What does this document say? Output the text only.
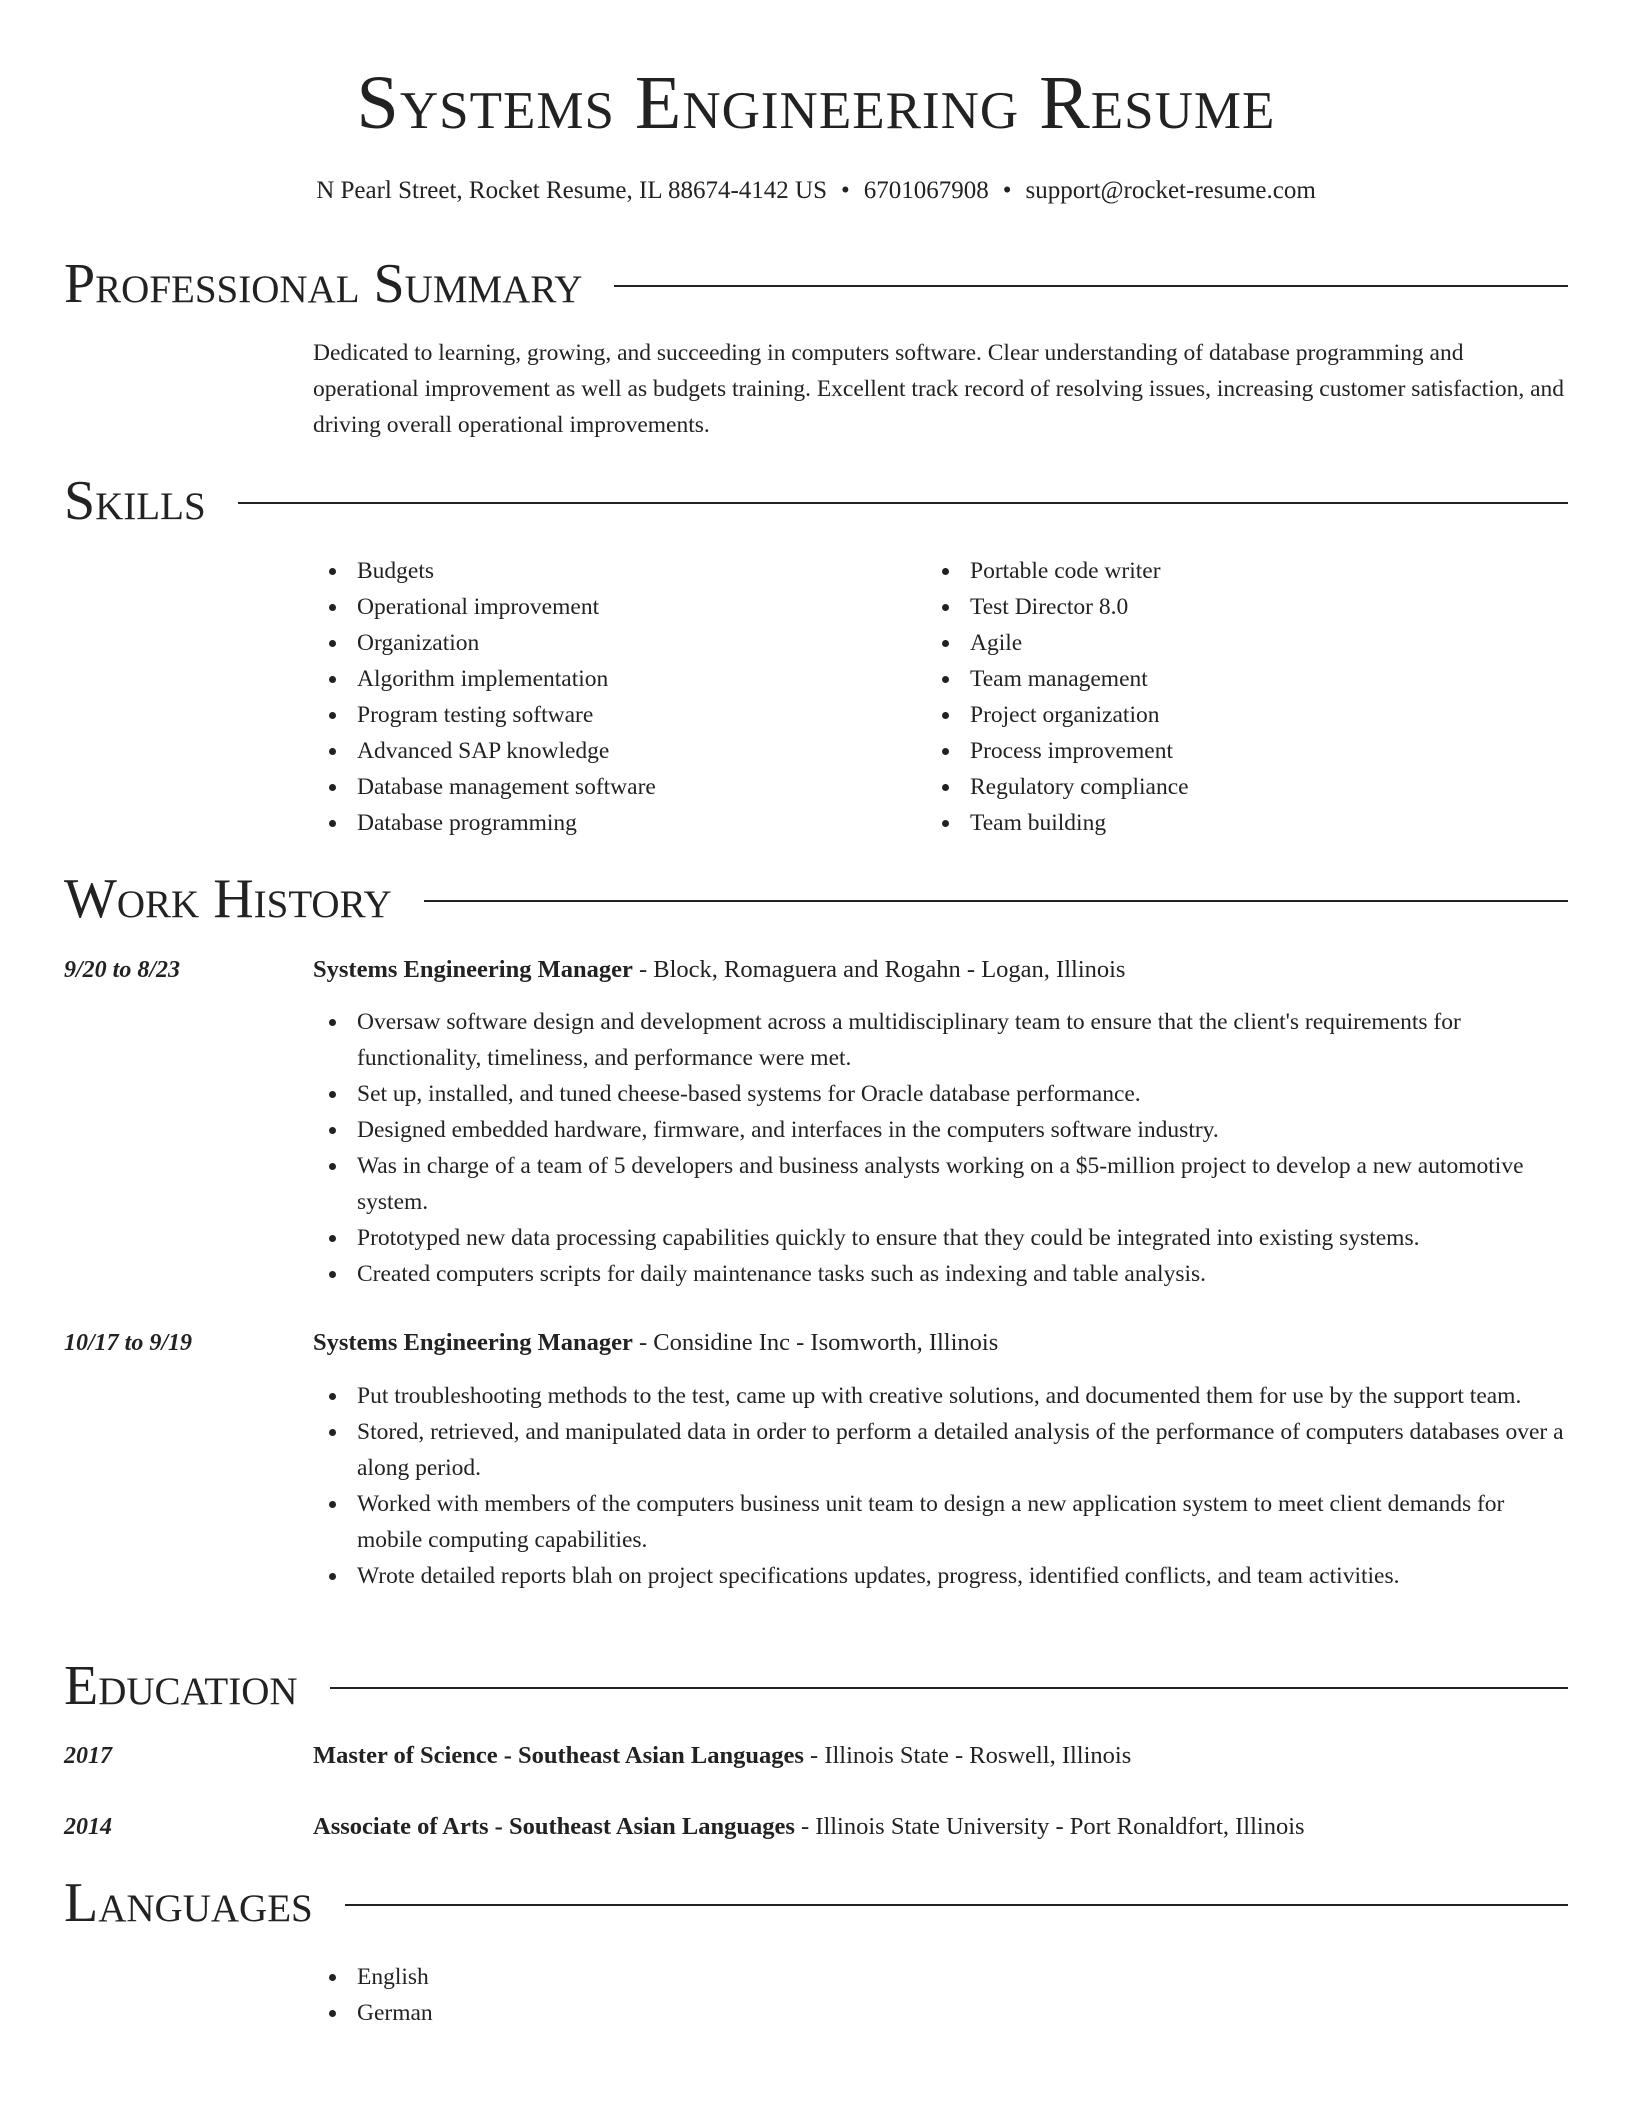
Systems Engineering Resume
N Pearl Street, Rocket Resume, IL 88674-4142 US • 6701067908 • support@rocket-resume.com
Professional Summary
Dedicated to learning, growing, and succeeding in computers software. Clear understanding of database programming and operational improvement as well as budgets training. Excellent track record of resolving issues, increasing customer satisfaction, and driving overall operational improvements.
Skills
Budgets
Operational improvement
Organization
Algorithm implementation
Program testing software
Advanced SAP knowledge
Database management software
Database programming
Portable code writer
Test Director 8.0
Agile
Team management
Project organization
Process improvement
Regulatory compliance
Team building
Work History
9/20 to 8/23	Systems Engineering Manager - Block, Romaguera and Rogahn - Logan, Illinois
Oversaw software design and development across a multidisciplinary team to ensure that the client's requirements for functionality, timeliness, and performance were met.
Set up, installed, and tuned cheese-based systems for Oracle database performance.
Designed embedded hardware, firmware, and interfaces in the computers software industry.
Was in charge of a team of 5 developers and business analysts working on a $5-million project to develop a new automotive system.
Prototyped new data processing capabilities quickly to ensure that they could be integrated into existing systems.
Created computers scripts for daily maintenance tasks such as indexing and table analysis.
10/17 to 9/19	Systems Engineering Manager - Considine Inc - Isomworth, Illinois
Put troubleshooting methods to the test, came up with creative solutions, and documented them for use by the support team.
Stored, retrieved, and manipulated data in order to perform a detailed analysis of the performance of computers databases over a along period.
Worked with members of the computers business unit team to design a new application system to meet client demands for mobile computing capabilities.
Wrote detailed reports blah on project specifications updates, progress, identified conflicts, and team activities.
Education
2017	Master of Science - Southeast Asian Languages - Illinois State - Roswell, Illinois
2014	Associate of Arts - Southeast Asian Languages - Illinois State University - Port Ronaldfort, Illinois
Languages
English
German
